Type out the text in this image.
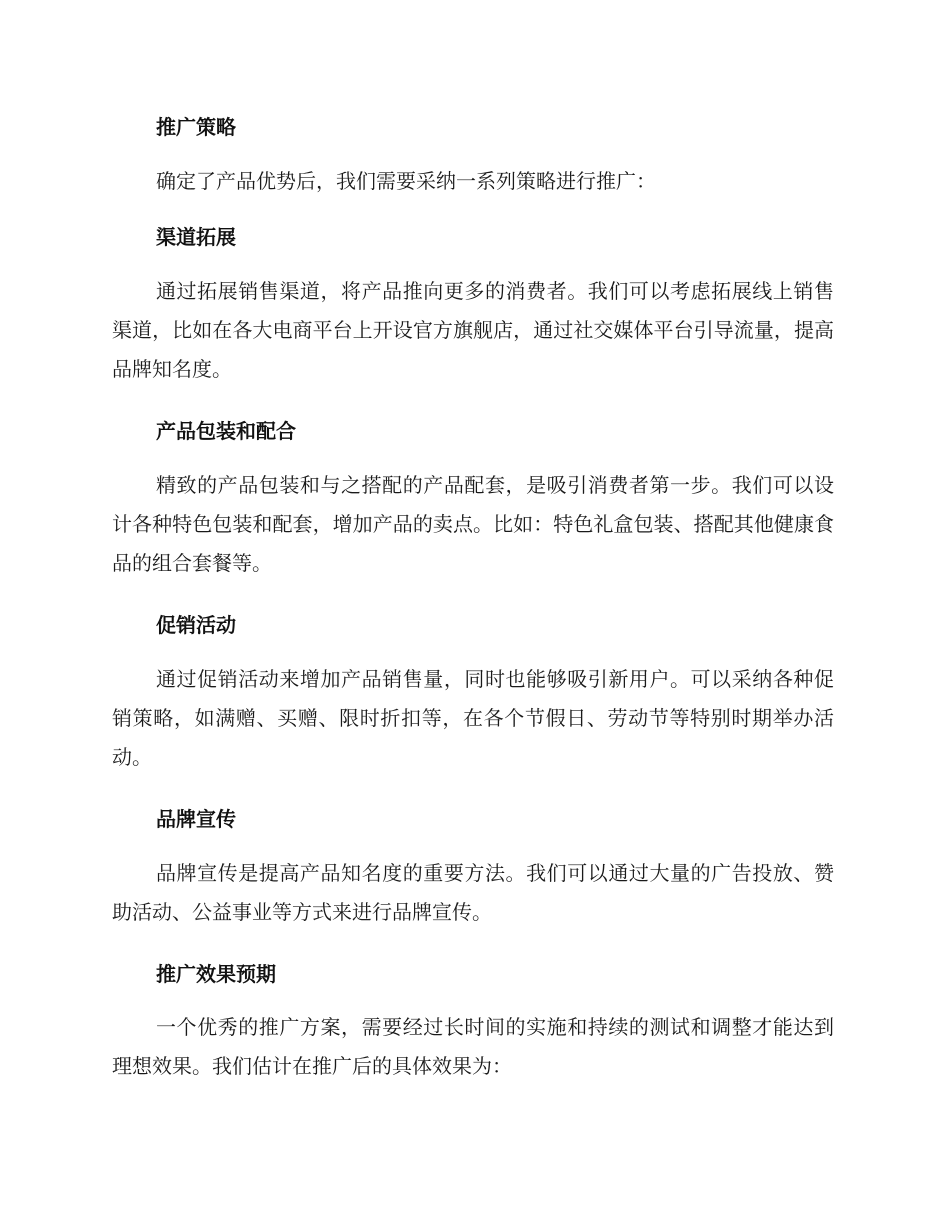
推广策略

确定了产品优势后，我们需要采纳一系列策略进行推广：

渠道拓展

通过拓展销售渠道，将产品推向更多的消费者。我们可以考虑拓展线上销售渠道，比如在各大电商平台上开设官方旗舰店，通过社交媒体平台引导流量，提高品牌知名度。

产品包装和配合

精致的产品包装和与之搭配的产品配套，是吸引消费者第一步。我们可以设计各种特色包装和配套，增加产品的卖点。比如：特色礼盒包装、搭配其他健康食品的组合套餐等。

促销活动

通过促销活动来增加产品销售量，同时也能够吸引新用户。可以采纳各种促销策略，如满赠、买赠、限时折扣等，在各个节假日、劳动节等特别时期举办活动。

品牌宣传

品牌宣传是提高产品知名度的重要方法。我们可以通过大量的广告投放、赞助活动、公益事业等方式来进行品牌宣传。

推广效果预期

一个优秀的推广方案，需要经过长时间的实施和持续的测试和调整才能达到理想效果。我们估计在推广后的具体效果为：
